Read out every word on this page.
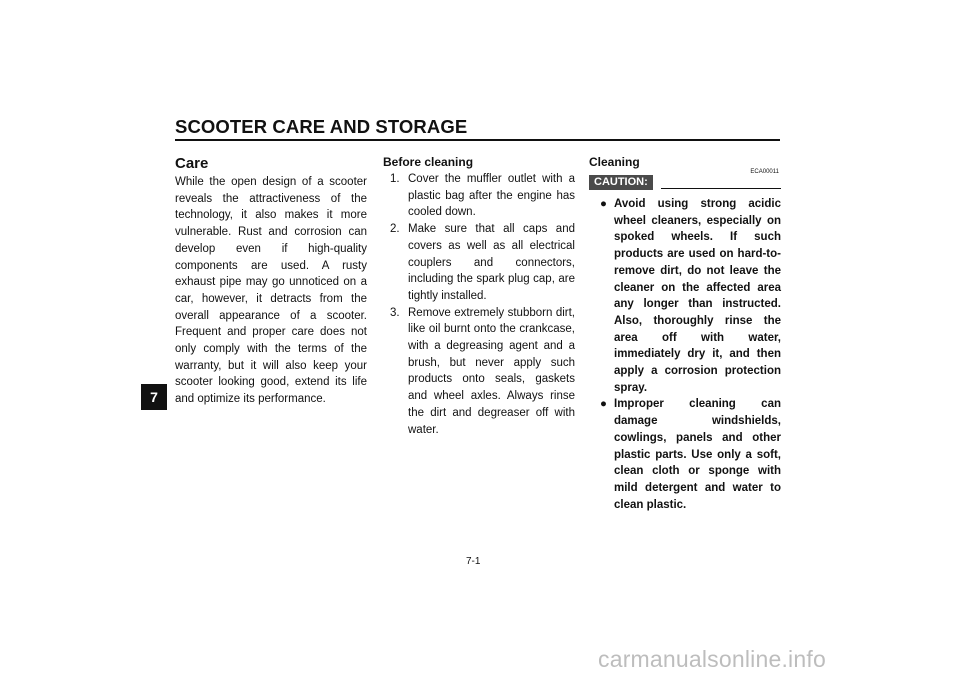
SCOOTER CARE AND STORAGE
7
Care

While the open design of a scooter reveals the attractiveness of the technology, it also makes it more vulnerable. Rust and corrosion can develop even if high-quality components are used. A rusty exhaust pipe may go unnoticed on a car, however, it detracts from the overall appearance of a scooter. Frequent and proper care does not only comply with the terms of the warranty, but it will also keep your scooter looking good, extend its life and optimize its performance.

Before cleaning
1. Cover the muffler outlet with a plastic bag after the engine has cooled down.
2. Make sure that all caps and covers as well as all electrical couplers and connectors, including the spark plug cap, are tightly installed.
3. Remove extremely stubborn dirt, like oil burnt onto the crankcase, with a degreasing agent and a brush, but never apply such products onto seals, gaskets and wheel axles. Always rinse the dirt and degreaser off with water.
Cleaning
ECA00011
CAUTION:
● Avoid using strong acidic wheel cleaners, especially on spoked wheels. If such products are used on hard-to-remove dirt, do not leave the cleaner on the affected area any longer than instructed. Also, thoroughly rinse the area off with water, immediately dry it, and then apply a corrosion protection spray.
● Improper cleaning can damage windshields, cowlings, panels and other plastic parts. Use only a soft, clean cloth or sponge with mild detergent and water to clean plastic.
7-1
carmanualsonline.info
